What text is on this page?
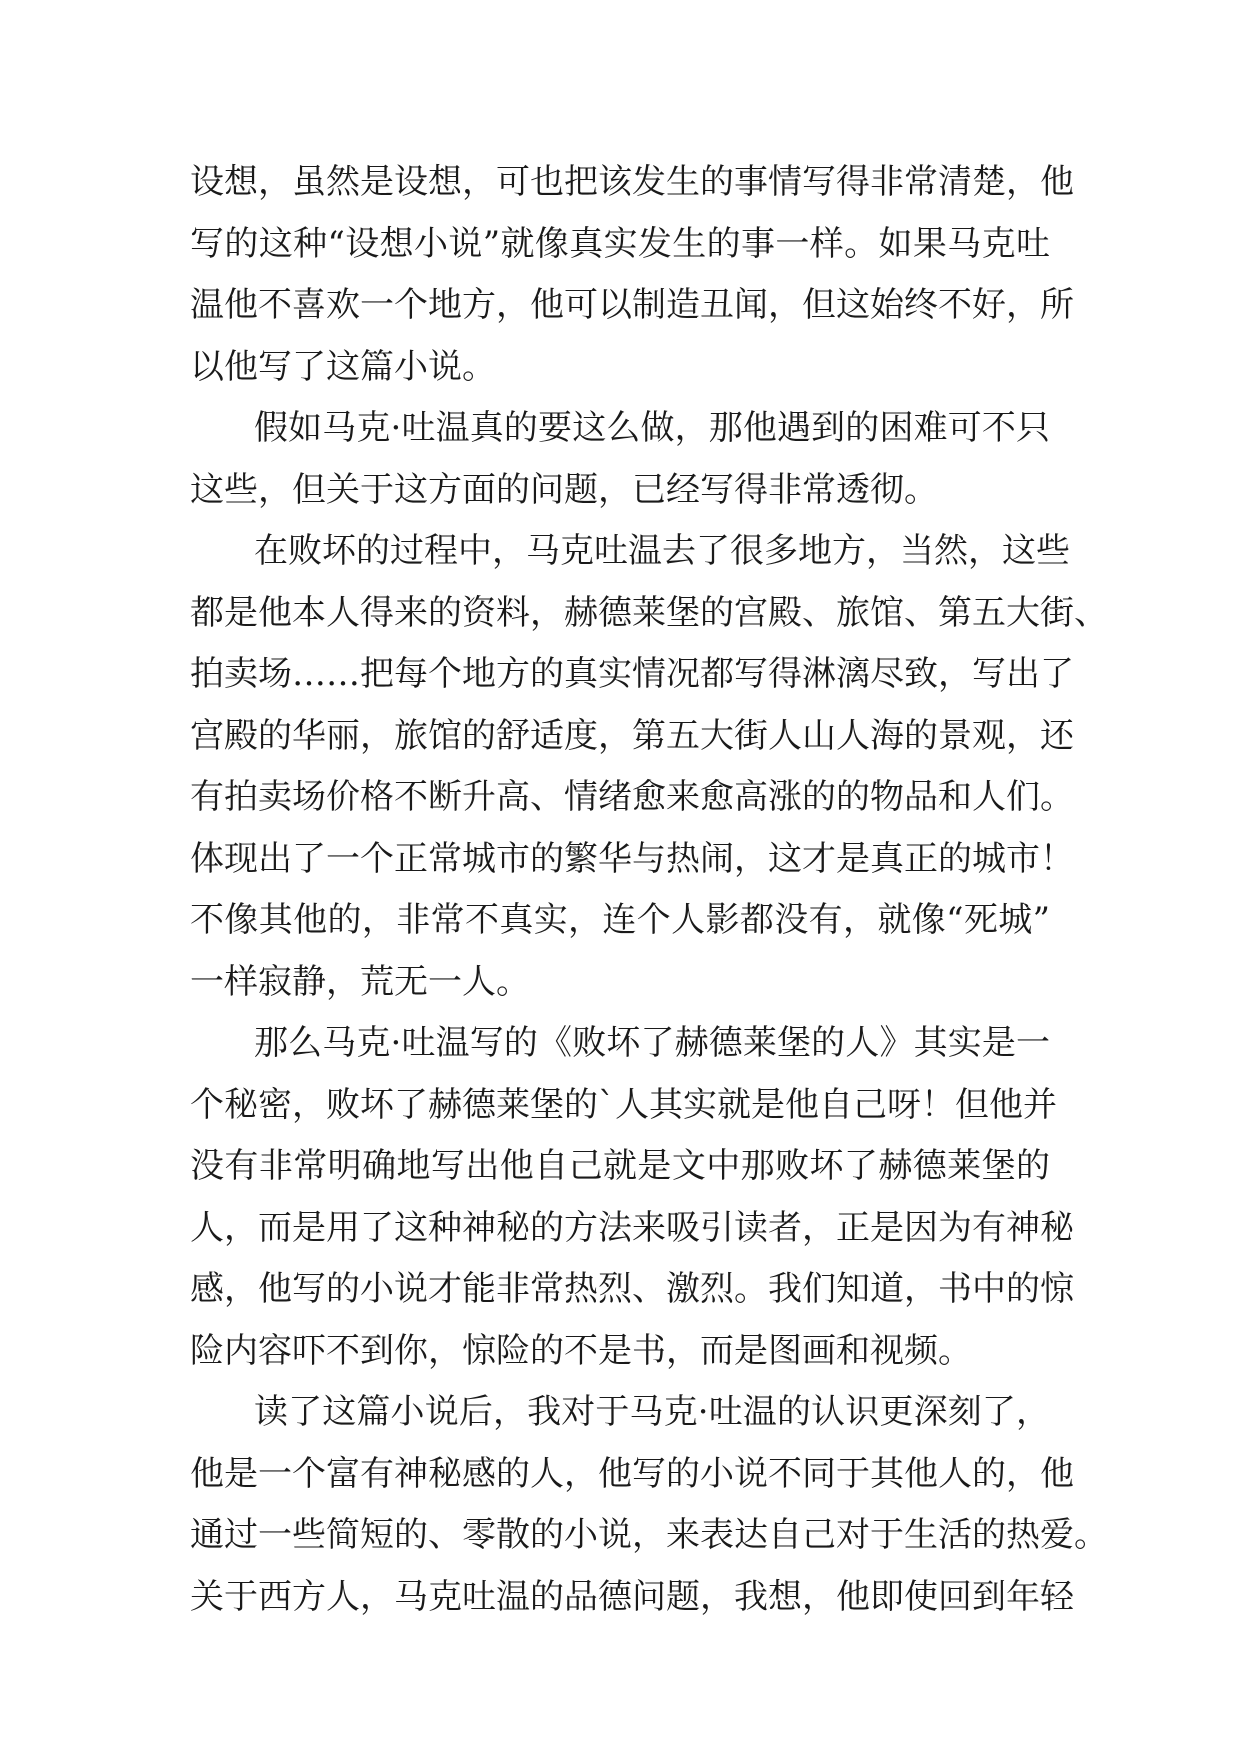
设想，虽然是设想，可也把该发生的事情写得非常清楚，他
写的这种“设想小说”就像真实发生的事一样。如果马克吐
温他不喜欢一个地方，他可以制造丑闻，但这始终不好，所
以他写了这篇小说。
假如马克·吐温真的要这么做，那他遇到的困难可不只
这些，但关于这方面的问题，已经写得非常透彻。
在败坏的过程中，马克吐温去了很多地方，当然，这些
都是他本人得来的资料，赫德莱堡的宫殿、旅馆、第五大街、
拍卖场……把每个地方的真实情况都写得淋漓尽致，写出了
宫殿的华丽，旅馆的舒适度，第五大街人山人海的景观，还
有拍卖场价格不断升高、情绪愈来愈高涨的的物品和人们。
体现出了一个正常城市的繁华与热闹，这才是真正的城市！
不像其他的，非常不真实，连个人影都没有，就像“死城”
一样寂静，荒无一人。
那么马克·吐温写的《败坏了赫德莱堡的人》其实是一
个秘密，败坏了赫德莱堡的`人其实就是他自己呀！但他并
没有非常明确地写出他自己就是文中那败坏了赫德莱堡的
人，而是用了这种神秘的方法来吸引读者，正是因为有神秘
感，他写的小说才能非常热烈、激烈。我们知道，书中的惊
险内容吓不到你，惊险的不是书，而是图画和视频。
读了这篇小说后，我对于马克·吐温的认识更深刻了，
他是一个富有神秘感的人，他写的小说不同于其他人的，他
通过一些简短的、零散的小说，来表达自己对于生活的热爱。
关于西方人，马克吐温的品德问题，我想，他即使回到年轻
